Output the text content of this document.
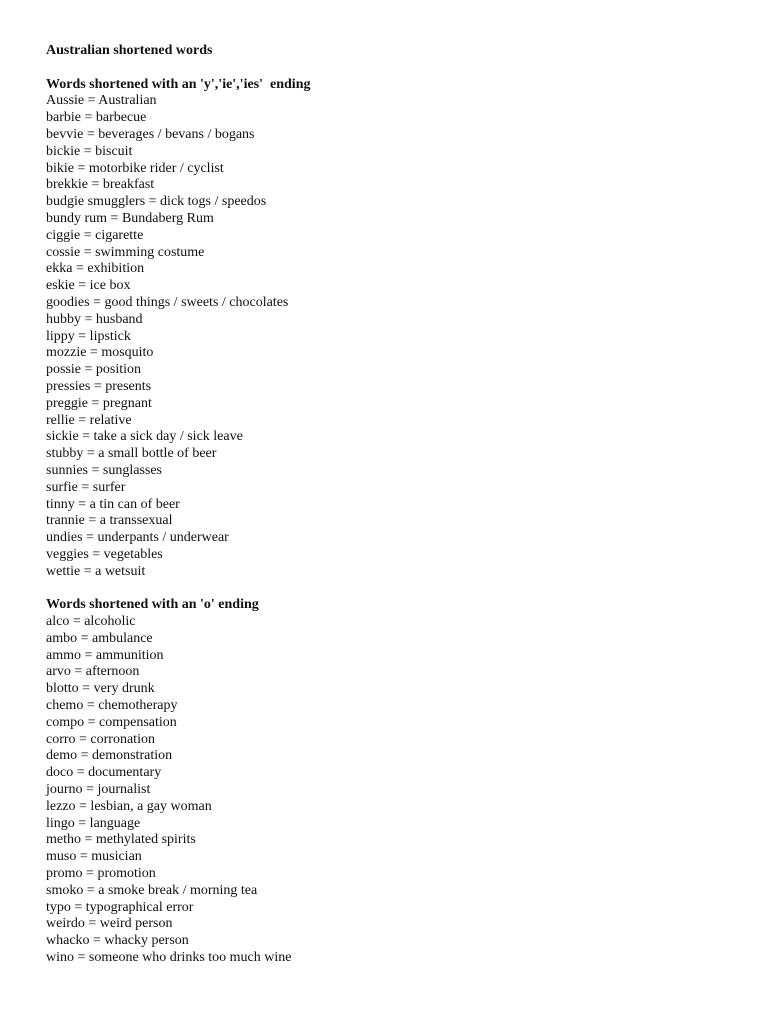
Australian shortened words
Words shortened with an 'y','ie','ies'  ending
Aussie = Australian
barbie = barbecue
bevvie = beverages / bevans / bogans
bickie = biscuit
bikie = motorbike rider / cyclist
brekkie = breakfast
budgie smugglers = dick togs / speedos
bundy rum = Bundaberg Rum
ciggie = cigarette
cossie = swimming costume
ekka = exhibition
eskie = ice box
goodies = good things / sweets / chocolates
hubby = husband
lippy = lipstick
mozzie = mosquito
possie = position
pressies = presents
preggie = pregnant
rellie = relative
sickie = take a sick day / sick leave
stubby = a small bottle of beer
sunnies = sunglasses
surfie = surfer
tinny = a tin can of beer
trannie = a transsexual
undies = underpants / underwear
veggies = vegetables
wettie = a wetsuit
Words shortened with an 'o' ending
alco = alcoholic
ambo = ambulance
ammo = ammunition
arvo = afternoon
blotto = very drunk
chemo = chemotherapy
compo = compensation
corro = corronation
demo = demonstration
doco = documentary
journo = journalist
lezzo = lesbian, a gay woman
lingo = language
metho = methylated spirits
muso = musician
promo = promotion
smoko = a smoke break / morning tea
typo = typographical error
weirdo = weird person
whacko = whacky person
wino = someone who drinks too much wine
